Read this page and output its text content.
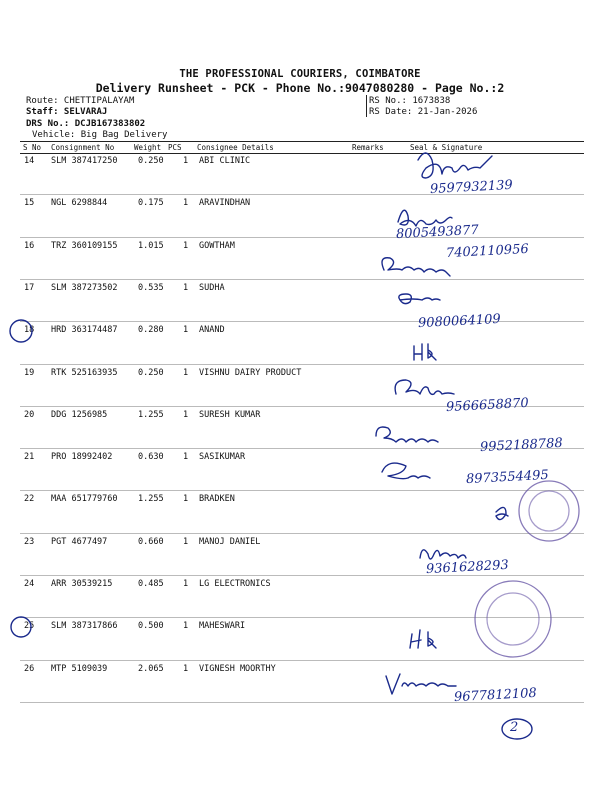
THE PROFESSIONAL COURIERS, COIMBATORE
Delivery Runsheet - PCK - Phone No.:9047080280 - Page No.:2
Route: CHETTIPALAYAM
Staff: SELVARAJ
DRS No.: DCJB167383802
Vehicle: Big Bag Delivery
RS No.: 1673838
RS Date: 21-Jan-2026
S No Consignment No	Weight PCS Consignee Details	Remarks	Seal & Signature
14 SLM 387417250 0.250 1 ABI CLINIC
15 NGL 6298844	0.175 1 ARAVINDHAN
16 TRZ 360109155 1.015 1 GOWTHAM
17 SLM 387273502 0.535 1 SUDHA
18 HRD 363174487 0.280 1 ANAND
19 RTK 525163935 0.250 1 VISHNU DAIRY PRODUCT
20 DDG 1256985	1.255 1 SURESH KUMAR
21 PRO 18992402	0.630 1 SASIKUMAR
22 MAA 651779760 1.255 1 BRADKEN
23 PGT 4677497	0.660 1 MANOJ DANIEL
24 ARR 30539215	0.485 1 LG ELECTRONICS
25 SLM 387317866 0.500 1 MAHESWARI
26 MTP 5109039	2.065 1 VIGNESH MOORTHY
9597932139
8005493877
7402110956
9080064109
9566658870
9952188788
8973554495
9361628293
9677812108
2
